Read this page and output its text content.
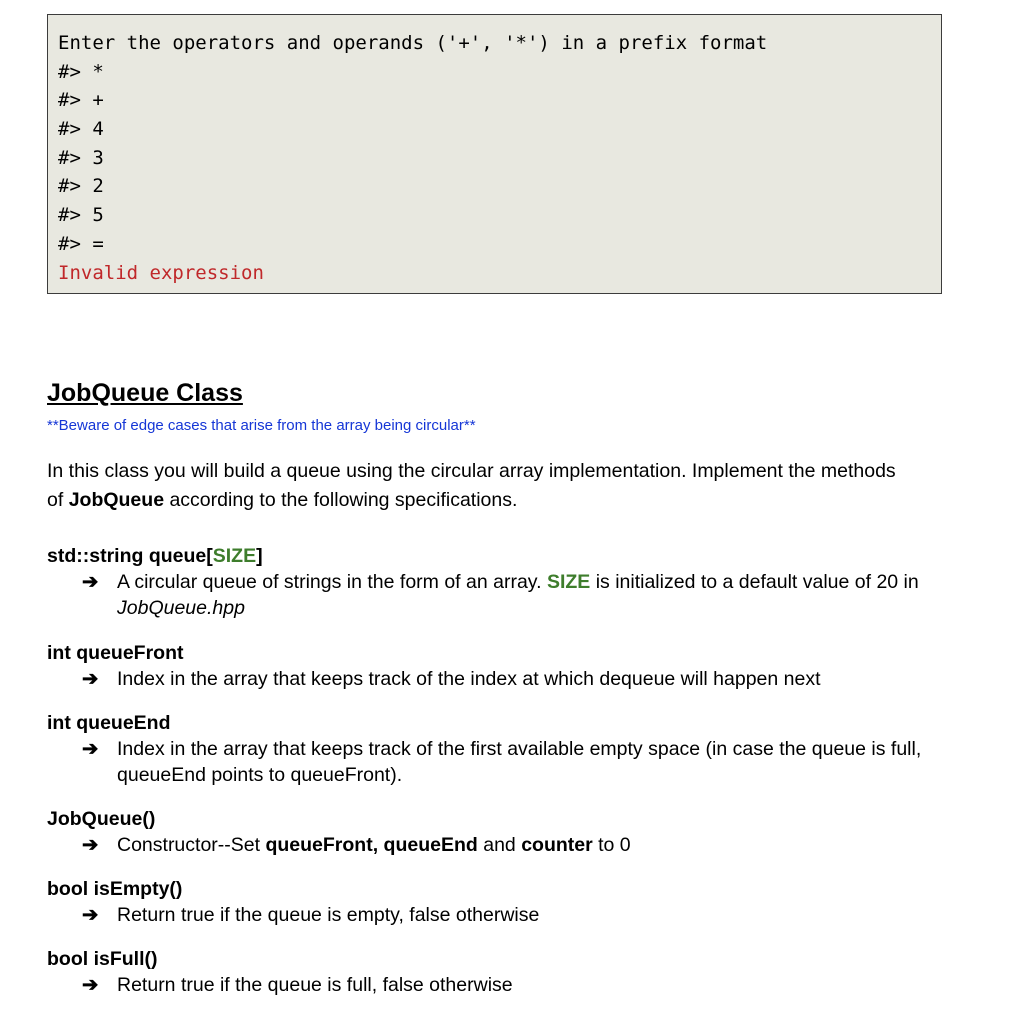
Enter the operators and operands ('+', '*') in a prefix format
#> *
#> +
#> 4
#> 3
#> 2
#> 5
#> =
Invalid expression
JobQueue Class
**Beware of edge cases that arise from the array being circular**
In this class you will build a queue using the circular array implementation. Implement the methods of JobQueue according to the following specifications.
std::string queue[SIZE]
➔ A circular queue of strings in the form of an array. SIZE is initialized to a default value of 20 in JobQueue.hpp
int queueFront
➔ Index in the array that keeps track of the index at which dequeue will happen next
int queueEnd
➔ Index in the array that keeps track of the first available empty space (in case the queue is full, queueEnd points to queueFront).
JobQueue()
➔ Constructor--Set queueFront, queueEnd and counter to 0
bool isEmpty()
➔ Return true if the queue is empty, false otherwise
bool isFull()
➔ Return true if the queue is full, false otherwise
